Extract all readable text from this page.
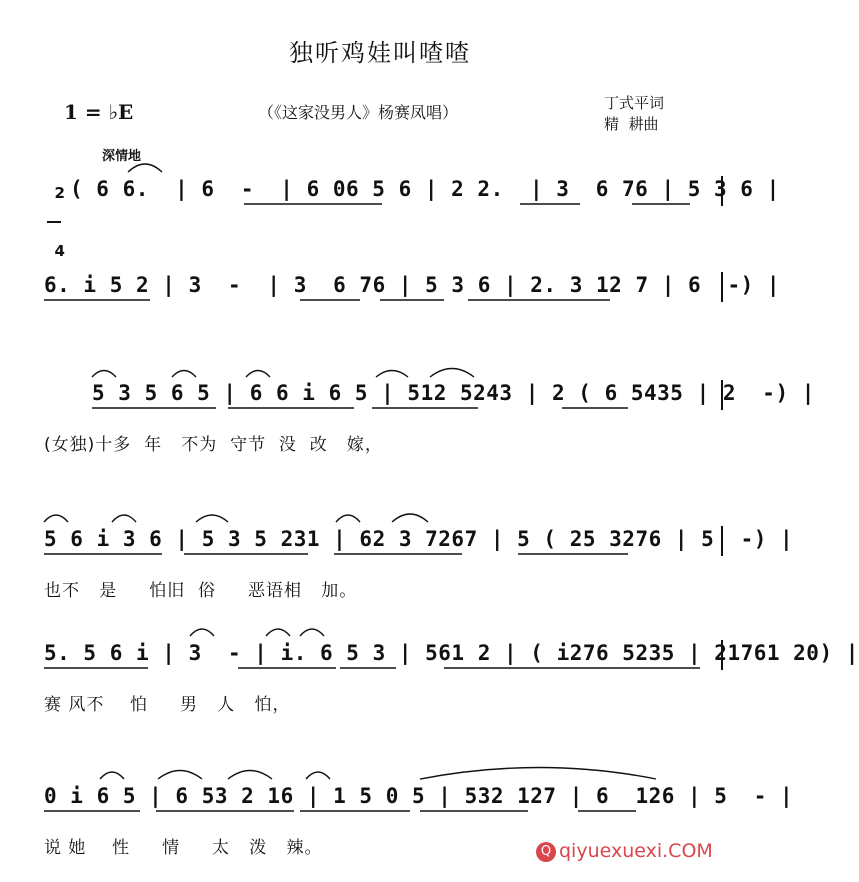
独听鸡娃叫喳喳
1 = ♭E	（《这家没男人》杨赛凤唱）	丁式平词
精  耕曲
深情地

2

4

( 6 6.  | 6  -  | 6 06 5 6 | 2 2.  | 3  6 76 | 5 3 6 |
6. i 5 2 | 3  -  | 3  6 76 | 5 3 6 | 2. 3 12 7 | 6  -) |
5 3 5 6 5 | 6 6 i 6 5 | 512 5243 | 2 ( 6 5435 | 2  -) |
(女独)十多  年   不为  守节  没  改   嫁，
5 6 i 3 6 | 5 3 5 231 | 62 3 7267 | 5 ( 25 3276 | 5  -) |
也不   是     怕旧  俗     恶语相   加。
5. 5 6 i | 3  - | i. 6 5 3 | 561 2 | ( i276 5235 | 21761 20) |
赛 风不    怕     男   人   怕，
0 i 6 5 | 6 53 2 16 | 1 5 0 5 | 532 127 | 6  126 | 5  - |
说 她    性     情     太   泼   辣。	Q qiyuexuexi.COM
